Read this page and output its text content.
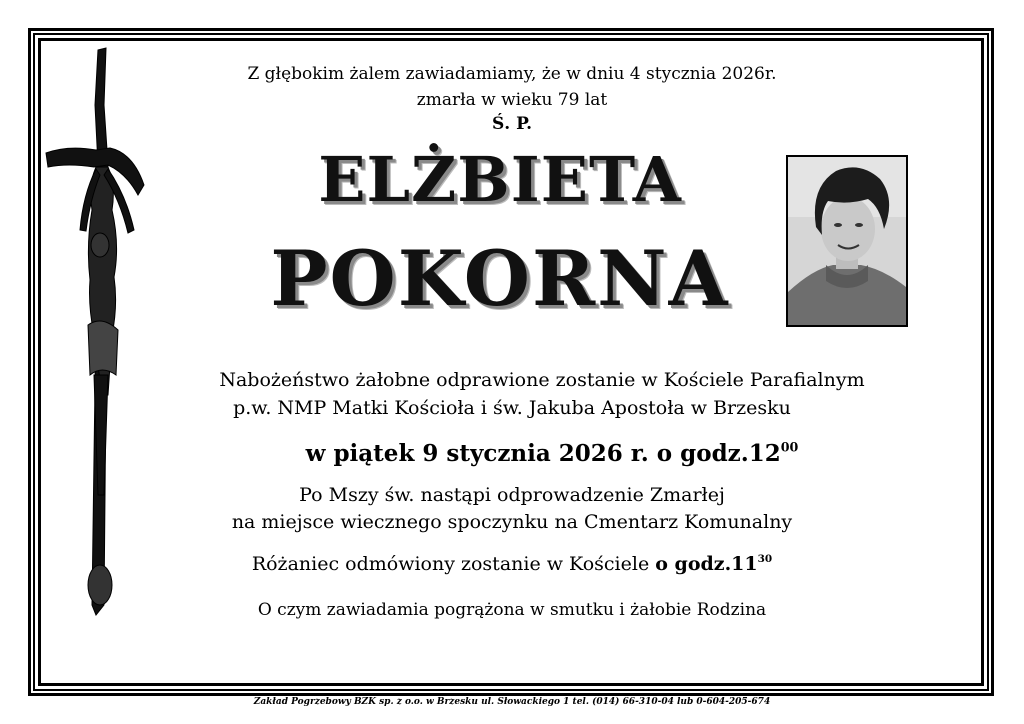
Z głębokim żalem zawiadamiamy, że w dniu 4 stycznia 2026r.
zmarła w wieku 79 lat
Ś. P.
ELŻBIETA
POKORNA
Nabożeństwo żałobne odprawione zostanie w Kościele Parafialnym
p.w. NMP Matki Kościoła i św. Jakuba Apostoła w Brzesku
w piątek 9 stycznia 2026 r. o $godz.12^{00}$
Po Mszy św. nastąpi odprowadzenie Zmarłej
na miejsce wiecznego spoczynku na Cmentarz Komunalny
Różaniec odmówiony zostanie w Kościele o $godz.11^{30}$
O czym zawiadamia pogrążona w smutku i żałobie Rodzina
Zakład Pogrzebowy BZK sp. z o.o. w Brzesku ul. Słowackiego 1 tel. (014) 66-310-04 lub 0-604-205-674
